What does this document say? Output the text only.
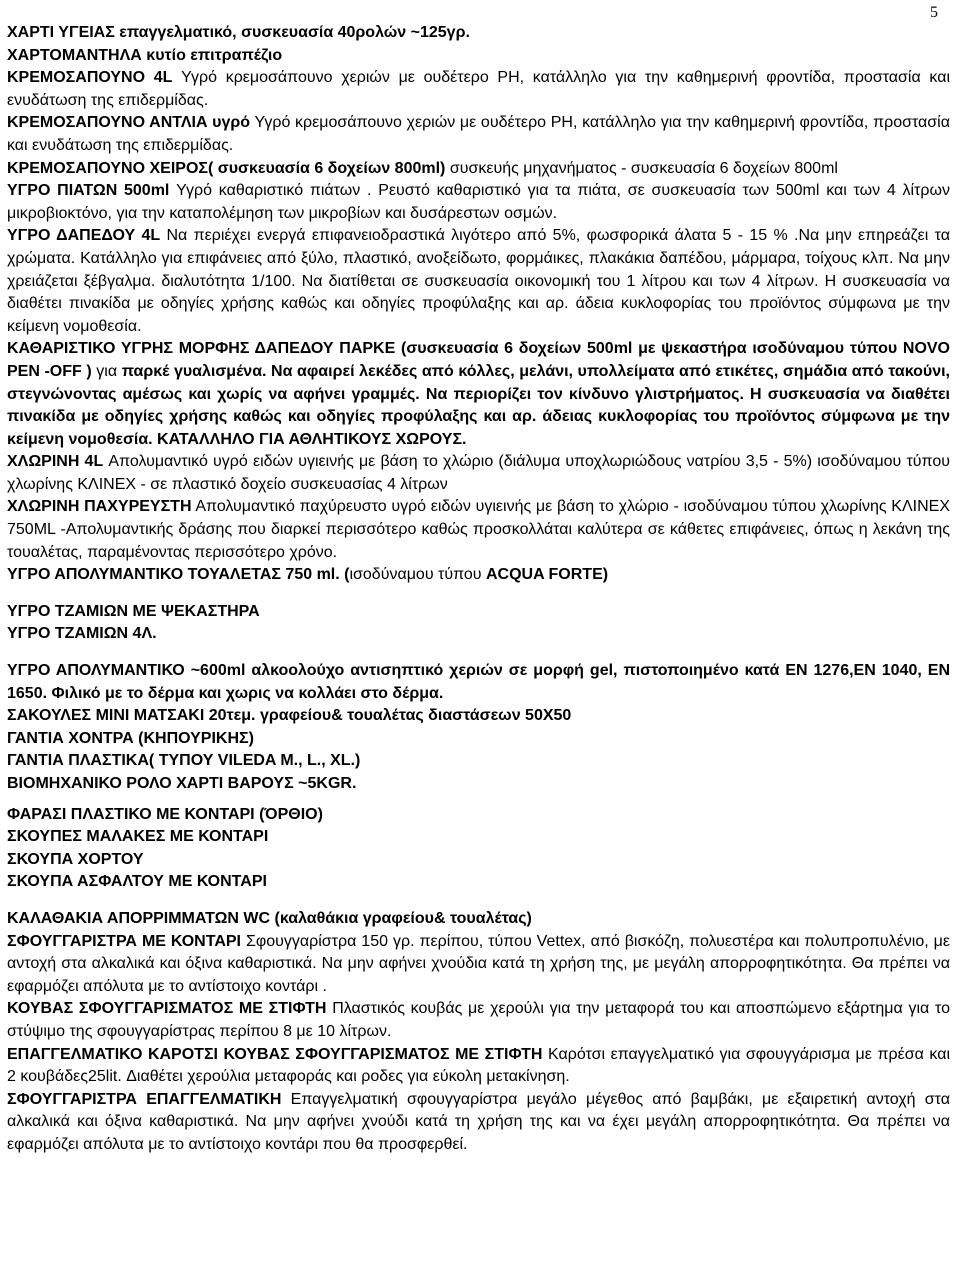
5

ΧΑΡΤΙ ΥΓΕΙΑΣ επαγγελματικό, συσκευασία 40ρολών ~125γρ.

ΧΑΡΤΟΜΑΝΤΗΛΑ κυτίο επιτραπέζιο

ΚΡΕΜΟΣΑΠΟΥΝΟ 4L Υγρό κρεμοσάπουνο χεριών με ουδέτερο PH, κατάλληλο για την καθημερινή φροντίδα, προστασία και ενυδάτωση της επιδερμίδας.

ΚΡΕΜΟΣΑΠΟΥΝΟ ΑΝΤΛΙΑ υγρό Υγρό κρεμοσάπουνο χεριών με ουδέτερο PH, κατάλληλο για την καθημερινή φροντίδα, προστασία και ενυδάτωση της επιδερμίδας.

ΚΡΕΜΟΣΑΠΟΥΝΟ ΧΕΙΡΟΣ( συσκευασία 6 δοχείων 800ml) συσκευής μηχανήματος - συσκευασία 6 δοχείων 800ml

ΥΓΡΟ ΠΙΑΤΩΝ 500ml Υγρό καθαριστικό πιάτων . Ρευστό καθαριστικό για τα πιάτα, σε συσκευασία των 500ml και των 4 λίτρων μικροβιοκτόνο, για την καταπολέμηση των μικροβίων και δυσάρεστων οσμών.

ΥΓΡΟ ΔΑΠΕΔΟΥ 4L Να περιέχει ενεργά επιφανειοδραστικά λιγότερο από 5%, φωσφορικά άλατα 5 - 15 % .Να μην επηρεάζει τα χρώματα. Κατάλληλο για επιφάνειες από ξύλο, πλαστικό, ανοξείδωτο, φορμάικες, πλακάκια δαπέδου, μάρμαρα, τοίχους κλπ. Να μην χρειάζεται ξέβγαλμα. διαλυτότητα 1/100. Να διατίθεται σε συσκευασία οικονομική του 1 λίτρου και των 4 λίτρων. Η συσκευασία να διαθέτει πινακίδα με οδηγίες χρήσης καθώς και οδηγίες προφύλαξης και αρ. άδεια κυκλοφορίας του προϊόντος σύμφωνα με την κείμενη νομοθεσία.

ΚΑΘΑΡΙΣΤΙΚΟ ΥΓΡΗΣ ΜΟΡΦΗΣ ΔΑΠΕΔΟΥ ΠΑΡΚΕ (συσκευασία 6 δοχείων 500ml με ψεκαστήρα ισοδύναμου τύπου NOVO PEN -OFF ) για παρκέ γυαλισμένα. Να αφαιρεί λεκέδες από κόλλες, μελάνι, υπολλείματα από ετικέτες, σημάδια από τακούνι, στεγνώνοντας αμέσως και χωρίς να αφήνει γραμμές. Να περιορίζει τον κίνδυνο γλιστρήματος. Η συσκευασία να διαθέτει πινακίδα με οδηγίες χρήσης καθώς και οδηγίες προφύλαξης και αρ. άδειας κυκλοφορίας του προϊόντος σύμφωνα με την κείμενη νομοθεσία. ΚΑΤΑΛΛΗΛΟ ΓΙΑ ΑΘΛΗΤΙΚΟΥΣ ΧΩΡΟΥΣ.

ΧΛΩΡΙΝΗ 4L Απολυμαντικό υγρό ειδών υγιεινής με βάση το χλώριο (διάλυμα υποχλωριώδους νατρίου 3,5 - 5%) ισοδύναμου τύπου χλωρίνης ΚΛΙΝΕΧ - σε πλαστικό δοχείο συσκευασίας 4 λίτρων

ΧΛΩΡΙΝΗ ΠΑΧΥΡΕΥΣΤΗ Απολυμαντικό παχύρευστο υγρό ειδών υγιεινής με βάση το χλώριο - ισοδύναμου τύπου χλωρίνης ΚΛΙΝΕΧ 750ML -Απολυμαντικής δράσης που διαρκεί περισσότερο καθώς προσκολλάται καλύτερα σε κάθετες επιφάνειες, όπως η λεκάνη της τουαλέτας, παραμένοντας περισσότερο χρόνο.

ΥΓΡΟ ΑΠΟΛΥΜΑΝΤΙΚΟ ΤΟΥΑΛΕΤΑΣ 750 ml. (ισοδύναμου τύπου ACQUA FORTE)

ΥΓΡΟ ΤΖΑΜΙΩΝ ΜΕ ΨΕΚΑΣΤΗΡΑ

ΥΓΡΟ ΤΖΑΜΙΩΝ 4Λ.

ΥΓΡΟ ΑΠΟΛΥΜΑΝΤΙΚΟ ~600ml αλκοολούχο αντισηπτικό χεριών σε μορφή gel, πιστοποιημένο κατά ΕΝ 1276,ΕΝ 1040, ΕΝ 1650. Φιλικό με το δέρμα και χωρις να κολλάει στο δέρμα.

ΣΑΚΟΥΛΕΣ ΜΙΝΙ ΜΑΤΣΑΚΙ 20τεμ. γραφείου& τουαλέτας διαστάσεων 50Χ50

ΓΑΝΤΙΑ ΧΟΝΤΡΑ (ΚΗΠΟΥΡΙΚΗΣ)

ΓΑΝΤΙΑ ΠΛΑΣΤΙΚΑ( ΤΥΠΟΥ VILEDA M., L., XL.)

ΒΙΟΜΗΧΑΝΙΚΟ ΡΟΛΟ ΧΑΡΤΙ ΒΑΡΟΥΣ ~5KGR.

ΦΑΡΑΣΙ ΠΛΑΣΤΙΚΟ ΜΕ ΚΟΝΤΑΡΙ (ΌΡΘΙΟ)

ΣΚΟΥΠΕΣ ΜΑΛΑΚΕΣ ΜΕ ΚΟΝΤΑΡΙ

ΣΚΟΥΠΑ ΧΟΡΤΟΥ

ΣΚΟΥΠΑ ΑΣΦΑΛΤΟΥ ΜΕ ΚΟΝΤΑΡΙ

ΚΑΛΑΘΑΚΙΑ ΑΠΟΡΡΙΜΜΑΤΩΝ WC (καλαθάκια γραφείου& τουαλέτας)

ΣΦΟΥΓΓΑΡΙΣΤΡΑ ΜΕ ΚΟΝΤΑΡΙ Σφουγγαρίστρα 150 γρ. περίπου, τύπου Vettex, από βισκόζη, πολυεστέρα και πολυπροπυλένιο, με αντοχή στα αλκαλικά και όξινα καθαριστικά. Να μην αφήνει χνούδια κατά τη χρήση της, με μεγάλη απορροφητικότητα. Θα πρέπει να εφαρμόζει απόλυτα με το αντίστοιχο κοντάρι .

ΚΟΥΒΑΣ ΣΦΟΥΓΓΑΡΙΣΜΑΤΟΣ ΜΕ ΣΤΙΦΤΗ Πλαστικός κουβάς με χερούλι για την μεταφορά του και αποσπώμενο εξάρτημα για το στύψιμο της σφουγγαρίστρας περίπου 8 με 10 λίτρων.

ΕΠΑΓΓΕΛΜΑΤΙΚΟ ΚΑΡΟΤΣΙ ΚΟΥΒΑΣ ΣΦΟΥΓΓΑΡΙΣΜΑΤΟΣ ΜΕ ΣΤΙΦΤΗ Καρότσι επαγγελματικό για σφουγγάρισμα με πρέσα και 2 κουβάδες25lit. Διαθέτει χερούλια μεταφοράς και ροδες για εύκολη μετακίνηση.

ΣΦΟΥΓΓΑΡΙΣΤΡΑ ΕΠΑΓΓΕΛΜΑΤΙΚΗ Επαγγελματική σφουγγαρίστρα μεγάλο μέγεθος από βαμβάκι, με εξαιρετική αντοχή στα αλκαλικά και όξινα καθαριστικά. Να μην αφήνει χνούδι κατά τη χρήση της και να έχει μεγάλη απορροφητικότητα. Θα πρέπει να εφαρμόζει απόλυτα με το αντίστοιχο κοντάρι που θα προσφερθεί.
